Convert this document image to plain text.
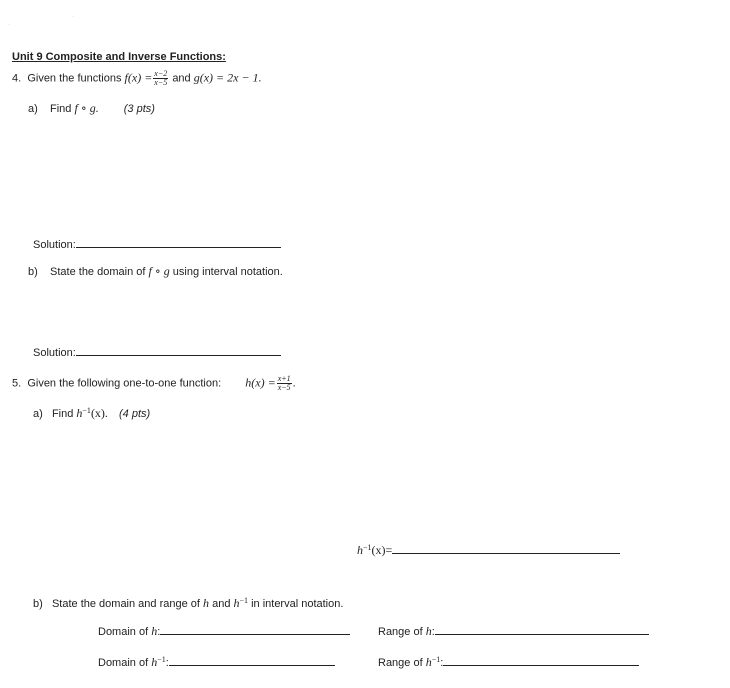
·
·
Unit 9 Composite and Inverse Functions:
4. Given the functions $f(x) = \frac{x-2}{x-5}$ and g(x) = 2x − 1.
a) Find f ∘ g. (3 pts)
Solution:
b) State the domain of f ∘ g using interval notation.
Solution:
5. Given the following one-to-one function: $h(x) = \frac{x+1}{x-5}$ .
a) Find $h^{-1}(x)$. (4 pts)
$h^{-1}(x)=$
b) State the domain and range of h and $h^{-1}$ in interval notation.
Domain of h:	Range of h:
Domain of $h^{-1}$:	Range of $h^{-1}$:
